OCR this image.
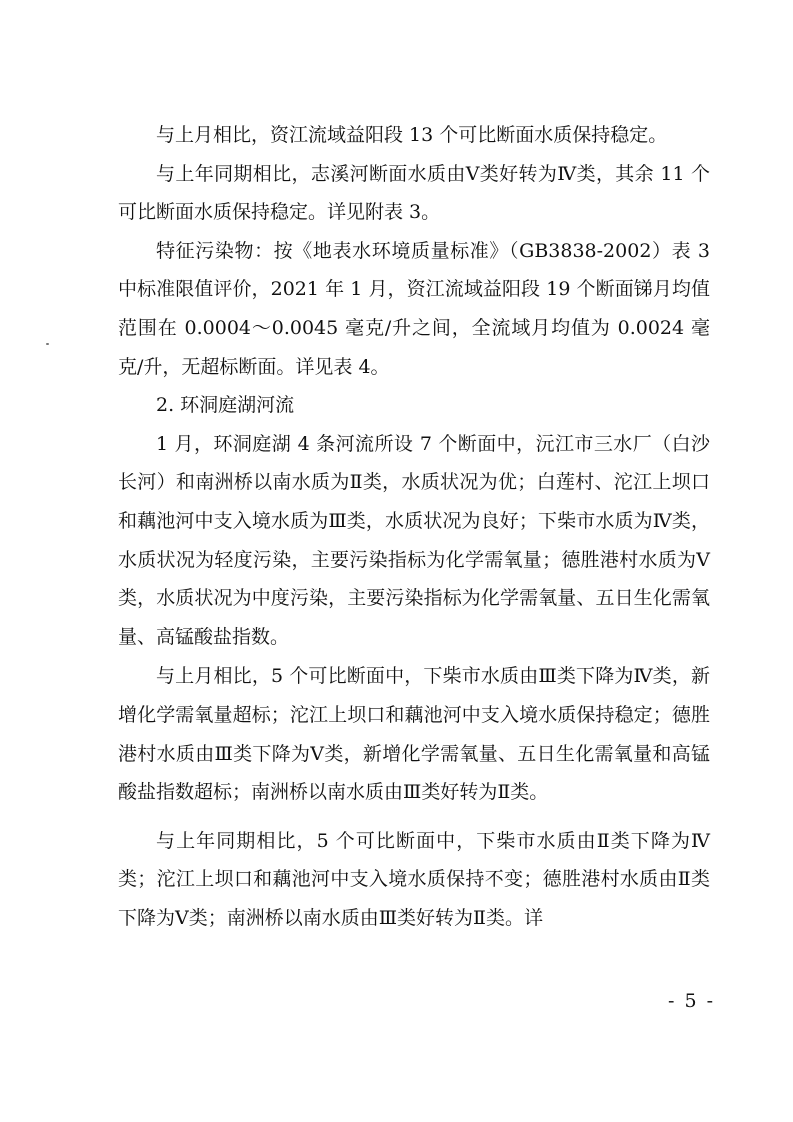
与上月相比，资江流域益阳段 13 个可比断面水质保持稳定。

与上年同期相比，志溪河断面水质由Ⅴ类好转为Ⅳ类，其余 11 个可比断面水质保持稳定。详见附表 3。

特征污染物：按《地表水环境质量标准》（GB3838-2002）表 3 中标准限值评价，2021 年 1 月，资江流域益阳段 19 个断面锑月均值范围在 0.0004～0.0045 毫克/升之间，全流域月均值为 0.0024 毫克/升，无超标断面。详见表 4。

2. 环洞庭湖河流

1 月，环洞庭湖 4 条河流所设 7 个断面中，沅江市三水厂（白沙长河）和南洲桥以南水质为Ⅱ类，水质状况为优；白莲村、沱江上坝口和藕池河中支入境水质为Ⅲ类，水质状况为良好；下柴市水质为Ⅳ类，水质状况为轻度污染，主要污染指标为化学需氧量；德胜港村水质为Ⅴ类，水质状况为中度污染，主要污染指标为化学需氧量、五日生化需氧量、高锰酸盐指数。

与上月相比，5 个可比断面中，下柴市水质由Ⅲ类下降为Ⅳ类，新增化学需氧量超标；沱江上坝口和藕池河中支入境水质保持稳定；德胜港村水质由Ⅲ类下降为Ⅴ类，新增化学需氧量、五日生化需氧量和高锰酸盐指数超标；南洲桥以南水质由Ⅲ类好转为Ⅱ类。

与上年同期相比，5 个可比断面中，下柴市水质由Ⅱ类下降为Ⅳ类；沱江上坝口和藕池河中支入境水质保持不变；德胜港村水质由Ⅱ类下降为Ⅴ类；南洲桥以南水质由Ⅲ类好转为Ⅱ类。详

- 5 -
